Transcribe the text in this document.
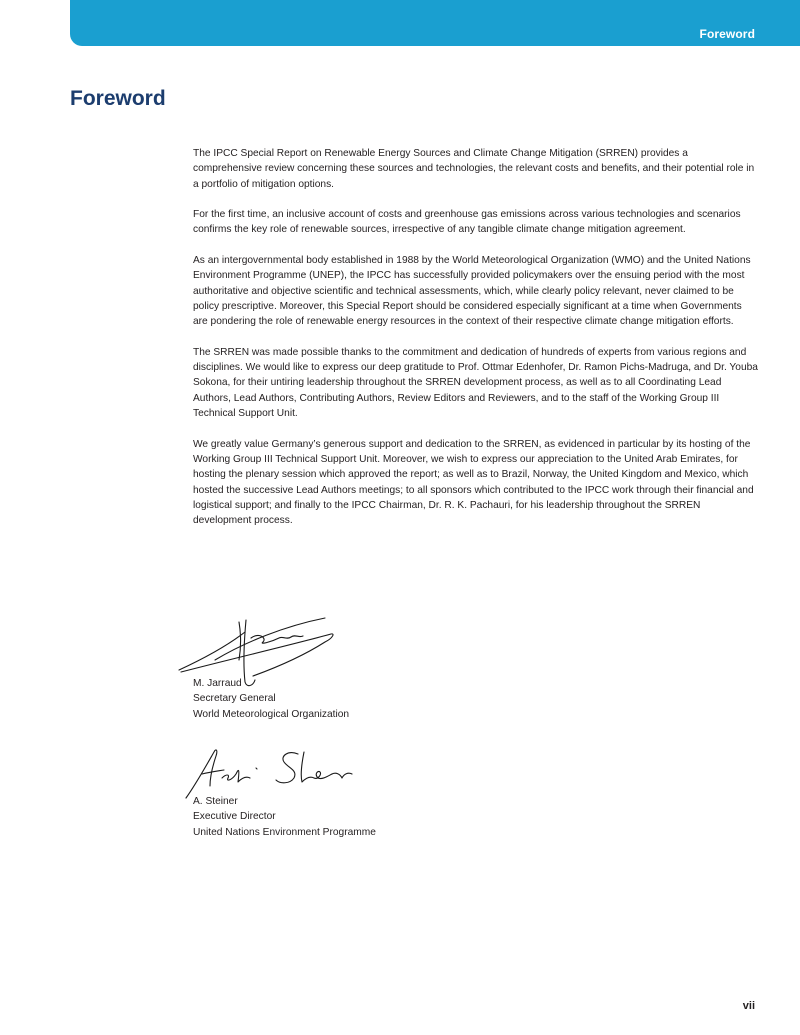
Foreword
Foreword

The IPCC Special Report on Renewable Energy Sources and Climate Change Mitigation (SRREN) provides a comprehensive review concerning these sources and technologies, the relevant costs and benefits, and their potential role in a portfolio of mitigation options.

For the first time, an inclusive account of costs and greenhouse gas emissions across various technologies and scenarios confirms the key role of renewable sources, irrespective of any tangible climate change mitigation agreement.

As an intergovernmental body established in 1988 by the World Meteorological Organization (WMO) and the United Nations Environment Programme (UNEP), the IPCC has successfully provided policymakers over the ensuing period with the most authoritative and objective scientific and technical assessments, which, while clearly policy relevant, never claimed to be policy prescriptive. Moreover, this Special Report should be considered especially significant at a time when Governments are pondering the role of renewable energy resources in the context of their respective climate change mitigation efforts.

The SRREN was made possible thanks to the commitment and dedication of hundreds of experts from various regions and disciplines. We would like to express our deep gratitude to Prof. Ottmar Edenhofer, Dr. Ramon Pichs-Madruga, and Dr. Youba Sokona, for their untiring leadership throughout the SRREN development process, as well as to all Coordinating Lead Authors, Lead Authors, Contributing Authors, Review Editors and Reviewers, and to the staff of the Working Group III Technical Support Unit.

We greatly value Germany’s generous support and dedication to the SRREN, as evidenced in particular by its hosting of the Working Group III Technical Support Unit. Moreover, we wish to express our appreciation to the United Arab Emirates, for hosting the plenary session which approved the report; as well as to Brazil, Norway, the United Kingdom and Mexico, which hosted the successive Lead Authors meetings; to all sponsors which contributed to the IPCC work through their financial and logistical support; and finally to the IPCC Chairman, Dr. R. K. Pachauri, for his leadership throughout the SRREN development process.

M. Jarraud
Secretary General
World Meteorological Organization
A. Steiner
Executive Director
United Nations Environment Programme
vii
